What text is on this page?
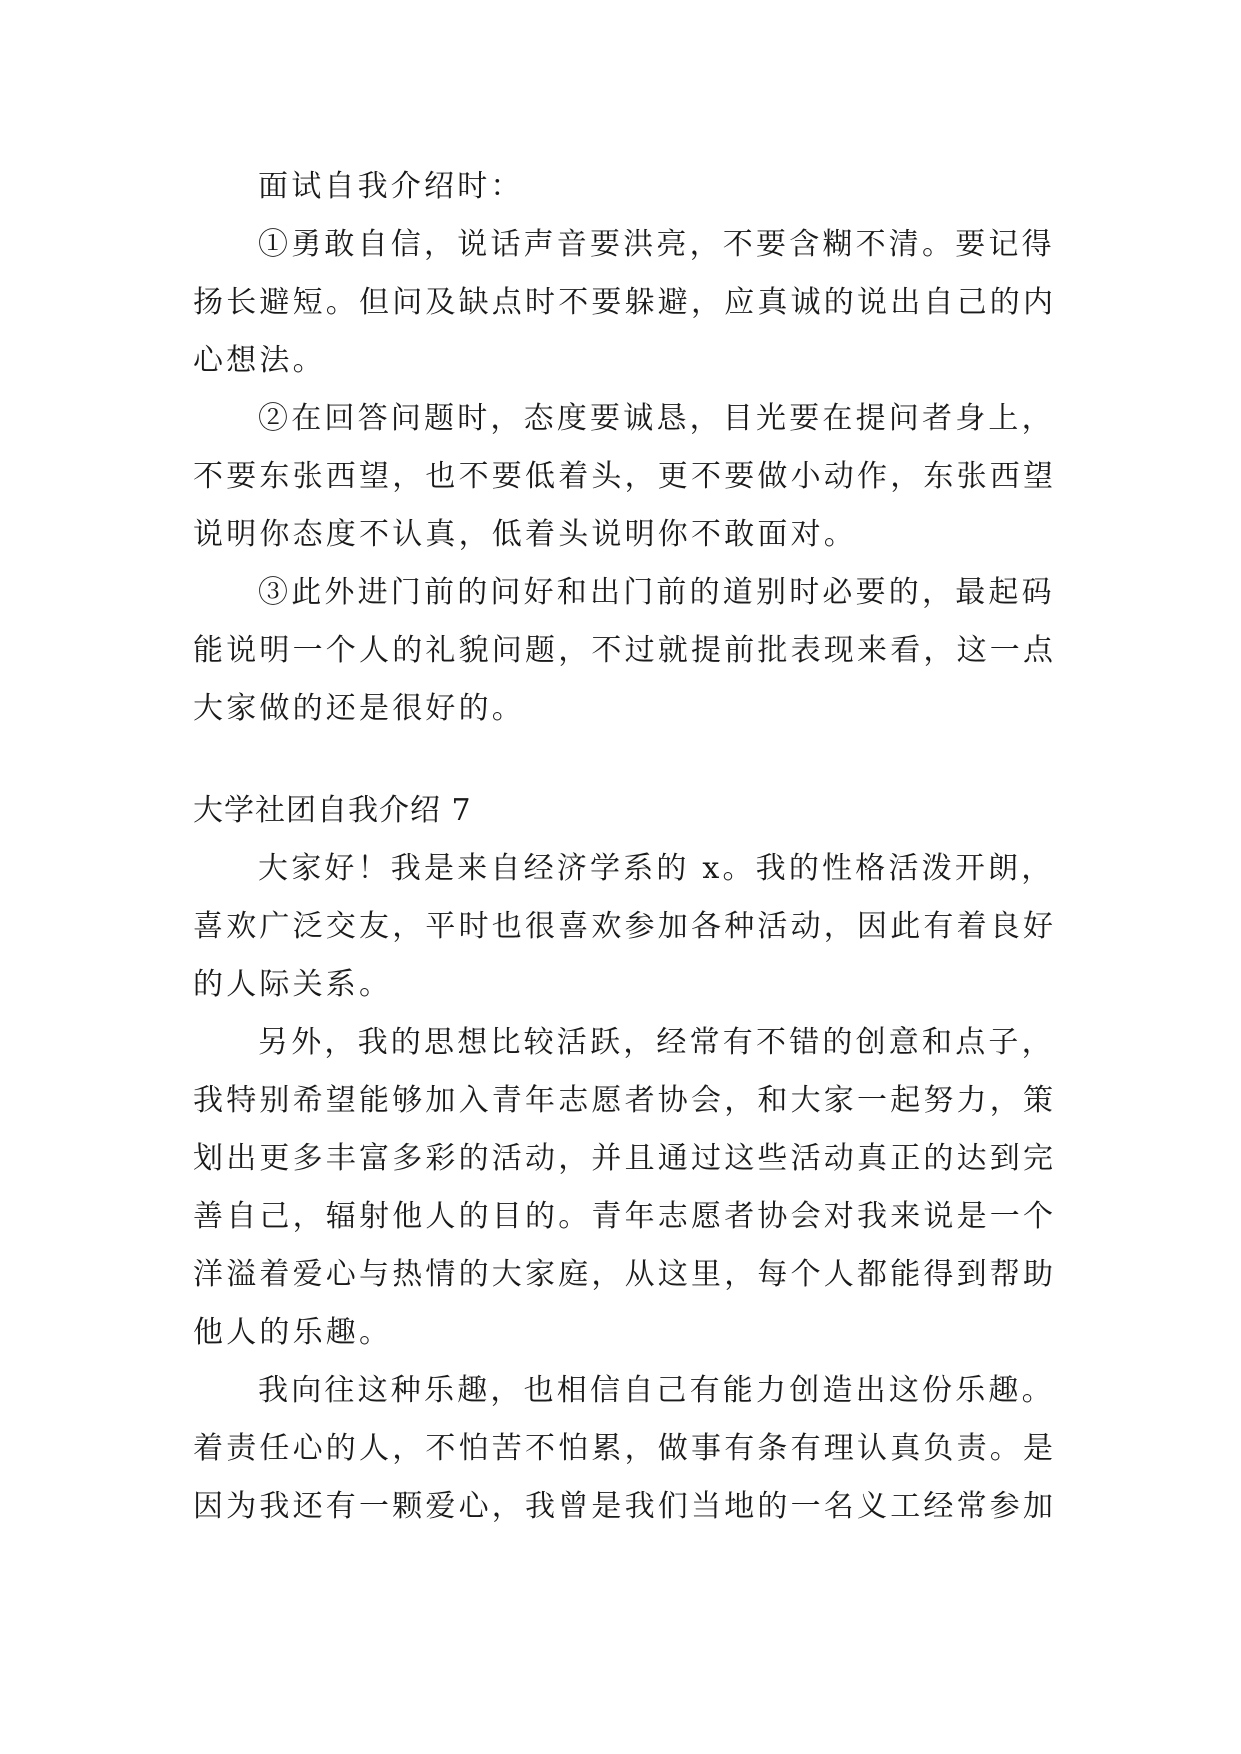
面试自我介绍时：
①勇敢自信，说话声音要洪亮，不要含糊不清。要记得
扬长避短。但问及缺点时不要躲避，应真诚的说出自己的内
心想法。
②在回答问题时，态度要诚恳，目光要在提问者身上，
不要东张西望，也不要低着头，更不要做小动作，东张西望
说明你态度不认真，低着头说明你不敢面对。
③此外进门前的问好和出门前的道别时必要的，最起码
能说明一个人的礼貌问题，不过就提前批表现来看，这一点
大家做的还是很好的。
大学社团自我介绍 7
大家好！我是来自经济学系的 x。我的性格活泼开朗，
喜欢广泛交友，平时也很喜欢参加各种活动，因此有着良好
的人际关系。
另外，我的思想比较活跃，经常有不错的创意和点子，
我特别希望能够加入青年志愿者协会，和大家一起努力，策
划出更多丰富多彩的活动，并且通过这些活动真正的达到完
善自己，辐射他人的目的。青年志愿者协会对我来说是一个
洋溢着爱心与热情的大家庭，从这里，每个人都能得到帮助
他人的乐趣。
我向往这种乐趣，也相信自己有能力创造出这份乐趣。
着责任心的人，不怕苦不怕累，做事有条有理认真负责。是
因为我还有一颗爱心，我曾是我们当地的一名义工经常参加
